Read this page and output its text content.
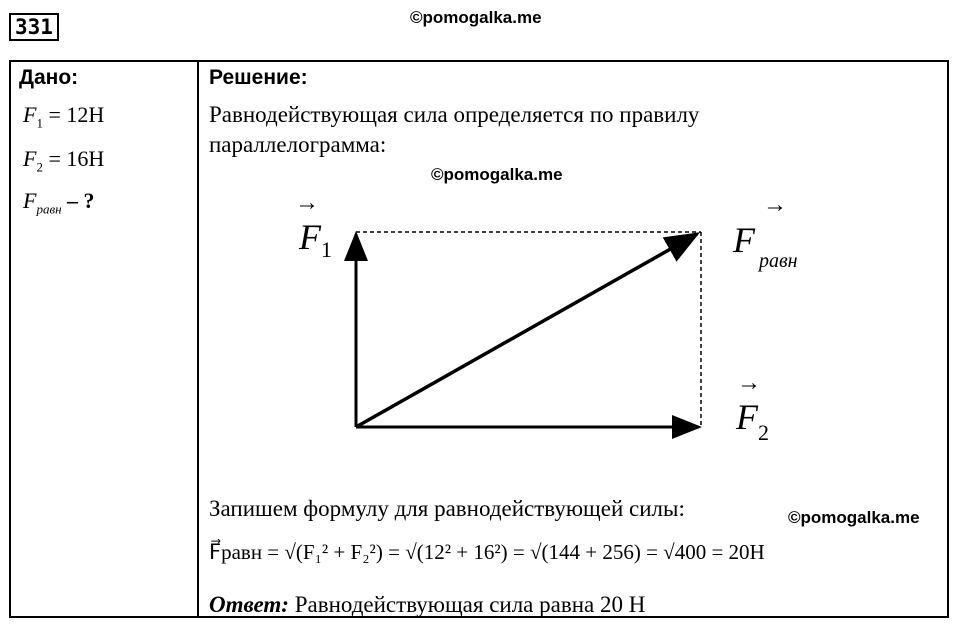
331	©pomogalka.me
Дано:
$F_1 = 12Н$
$F_2 = 16Н$
$F_{равн}$ – ?
Решение:
Равнодействующая сила определяется по правилу
параллелограмма:
©pomogalka.me
F 1
→
F 2
→
F
равн
→
Запишем формулу для равнодействующей силы:	©pomogalka.me
F⃗равн = √(F₁² + F₂²) = √(12² + 16²) = √(144 + 256) = √400 = 20H
Ответ: Равнодействующая сила равна 20 Н
